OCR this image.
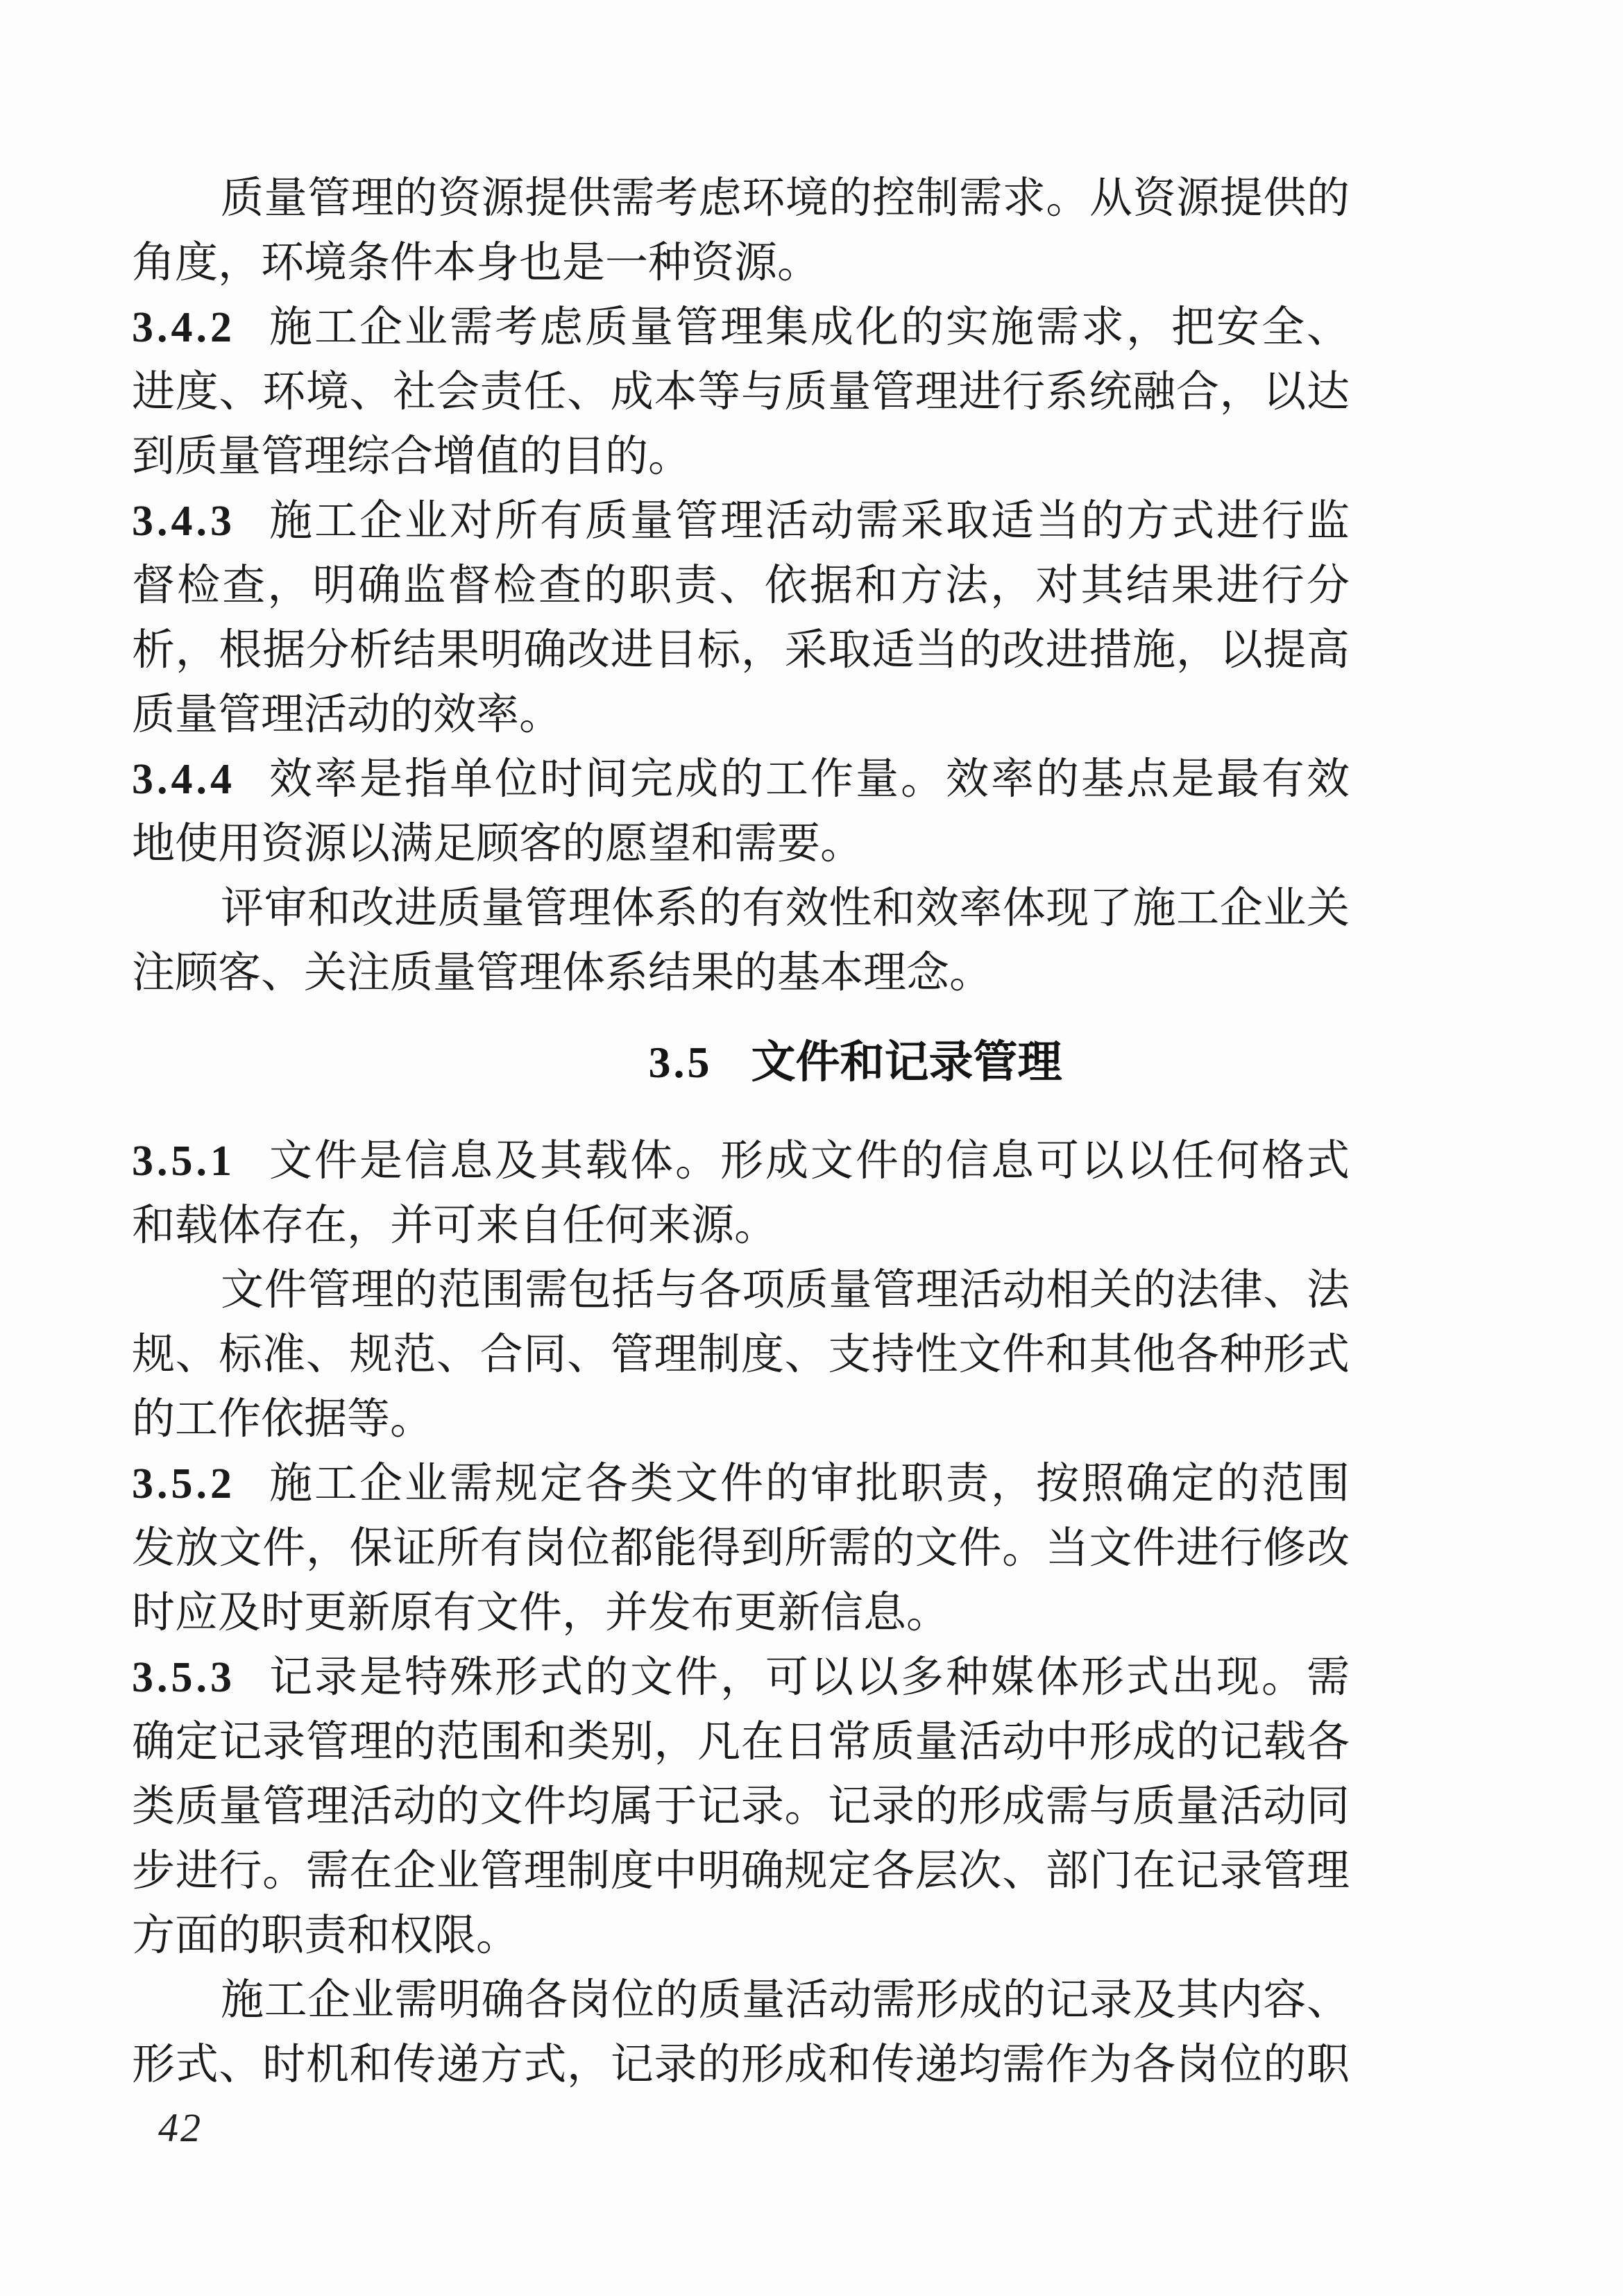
质量管理的资源提供需考虑环境的控制需求。从资源提供的
角度，环境条件本身也是一种资源。
3.4.2 施工企业需考虑质量管理集成化的实施需求，把安全、
进度、环境、社会责任、成本等与质量管理进行系统融合，以达
到质量管理综合增值的目的。
3.4.3 施工企业对所有质量管理活动需采取适当的方式进行监
督检查，明确监督检查的职责、依据和方法，对其结果进行分
析，根据分析结果明确改进目标，采取适当的改进措施，以提高
质量管理活动的效率。
3.4.4 效率是指单位时间完成的工作量。效率的基点是最有效
地使用资源以满足顾客的愿望和需要。
评审和改进质量管理体系的有效性和效率体现了施工企业关
注顾客、关注质量管理体系结果的基本理念。
3.5 文件和记录管理
3.5.1 文件是信息及其载体。形成文件的信息可以以任何格式
和载体存在，并可来自任何来源。
文件管理的范围需包括与各项质量管理活动相关的法律、法
规、标准、规范、合同、管理制度、支持性文件和其他各种形式
的工作依据等。
3.5.2 施工企业需规定各类文件的审批职责，按照确定的范围
发放文件，保证所有岗位都能得到所需的文件。当文件进行修改
时应及时更新原有文件，并发布更新信息。
3.5.3 记录是特殊形式的文件，可以以多种媒体形式出现。需
确定记录管理的范围和类别，凡在日常质量活动中形成的记载各
类质量管理活动的文件均属于记录。记录的形成需与质量活动同
步进行。需在企业管理制度中明确规定各层次、部门在记录管理
方面的职责和权限。
施工企业需明确各岗位的质量活动需形成的记录及其内容、
形式、时机和传递方式，记录的形成和传递均需作为各岗位的职
42
